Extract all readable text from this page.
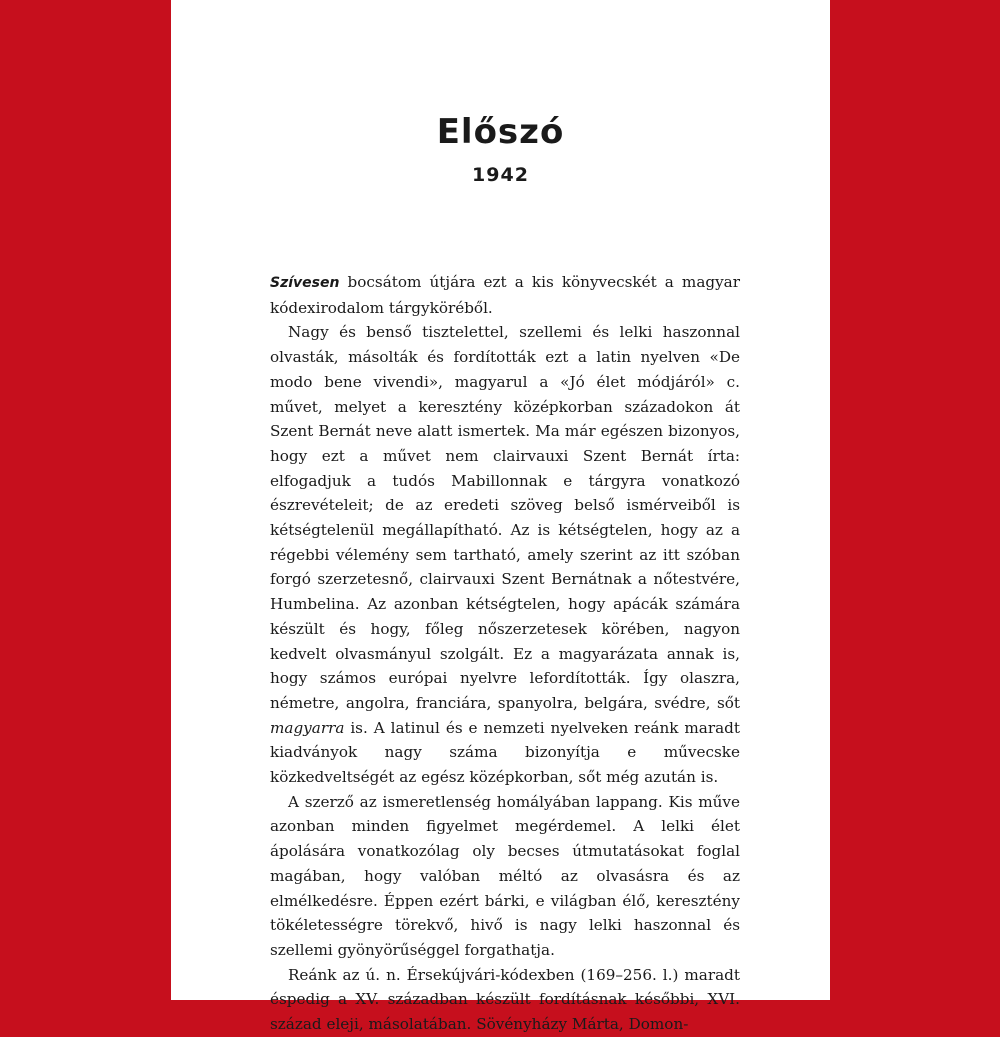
Előszó
1942

Szívesen bocsátom útjára ezt a kis könyvecskét a magyar kódexirodalom tárgyköréből.

Nagy és benső tisztelettel, szellemi és lelki haszonnal olvasták, másolták és fordították ezt a latin nyelven «De modo bene vivendi», magyarul a «Jó élet módjáról» c. művet, melyet a keresztény középkorban századokon át Szent Bernát neve alatt ismertek. Ma már egészen bizonyos, hogy ezt a művet nem clairvauxi Szent Bernát írta: elfogadjuk a tudós Mabillonnak e tárgyra vonatkozó észrevételeit; de az eredeti szöveg belső ismérveiből is kétségtelenül megállapítható. Az is kétségtelen, hogy az a régebbi vélemény sem tartható, amely szerint az itt szóban forgó szerzetesnő, clairvauxi Szent Bernátnak a nőtestvére, Humbelina. Az azonban kétségtelen, hogy apácák számára készült és hogy, főleg nőszerzetesek körében, nagyon kedvelt olvasmányul szolgált. Ez a magyarázata annak is, hogy számos európai nyelvre lefordították. Így olaszra, németre, angolra, franciára, spanyolra, belgára, svédre, sőt magyarra is. A latinul és e nemzeti nyelveken reánk maradt kiadványok nagy száma bizonyítja e művecske közkedveltségét az egész középkorban, sőt még azután is.

A szerző az ismeretlenség homályában lappang. Kis műve azonban minden figyelmet megérdemel. A lelki élet ápolására vonatkozólag oly becses útmutatásokat foglal magában, hogy valóban méltó az olvasásra és az elmélkedésre. Éppen ezért bárki, e világban élő, keresztény tökéletességre törekvő, hivő is nagy lelki haszonnal és szellemi gyönyörűséggel forgathatja.

Reánk az ú. n. Érsekújvári-kódexben (169–256. l.) maradt éspedig a XV. században készült fordításnak későbbi, XVI. század eleji, másolatában. Sövényházy Márta, Domon-
